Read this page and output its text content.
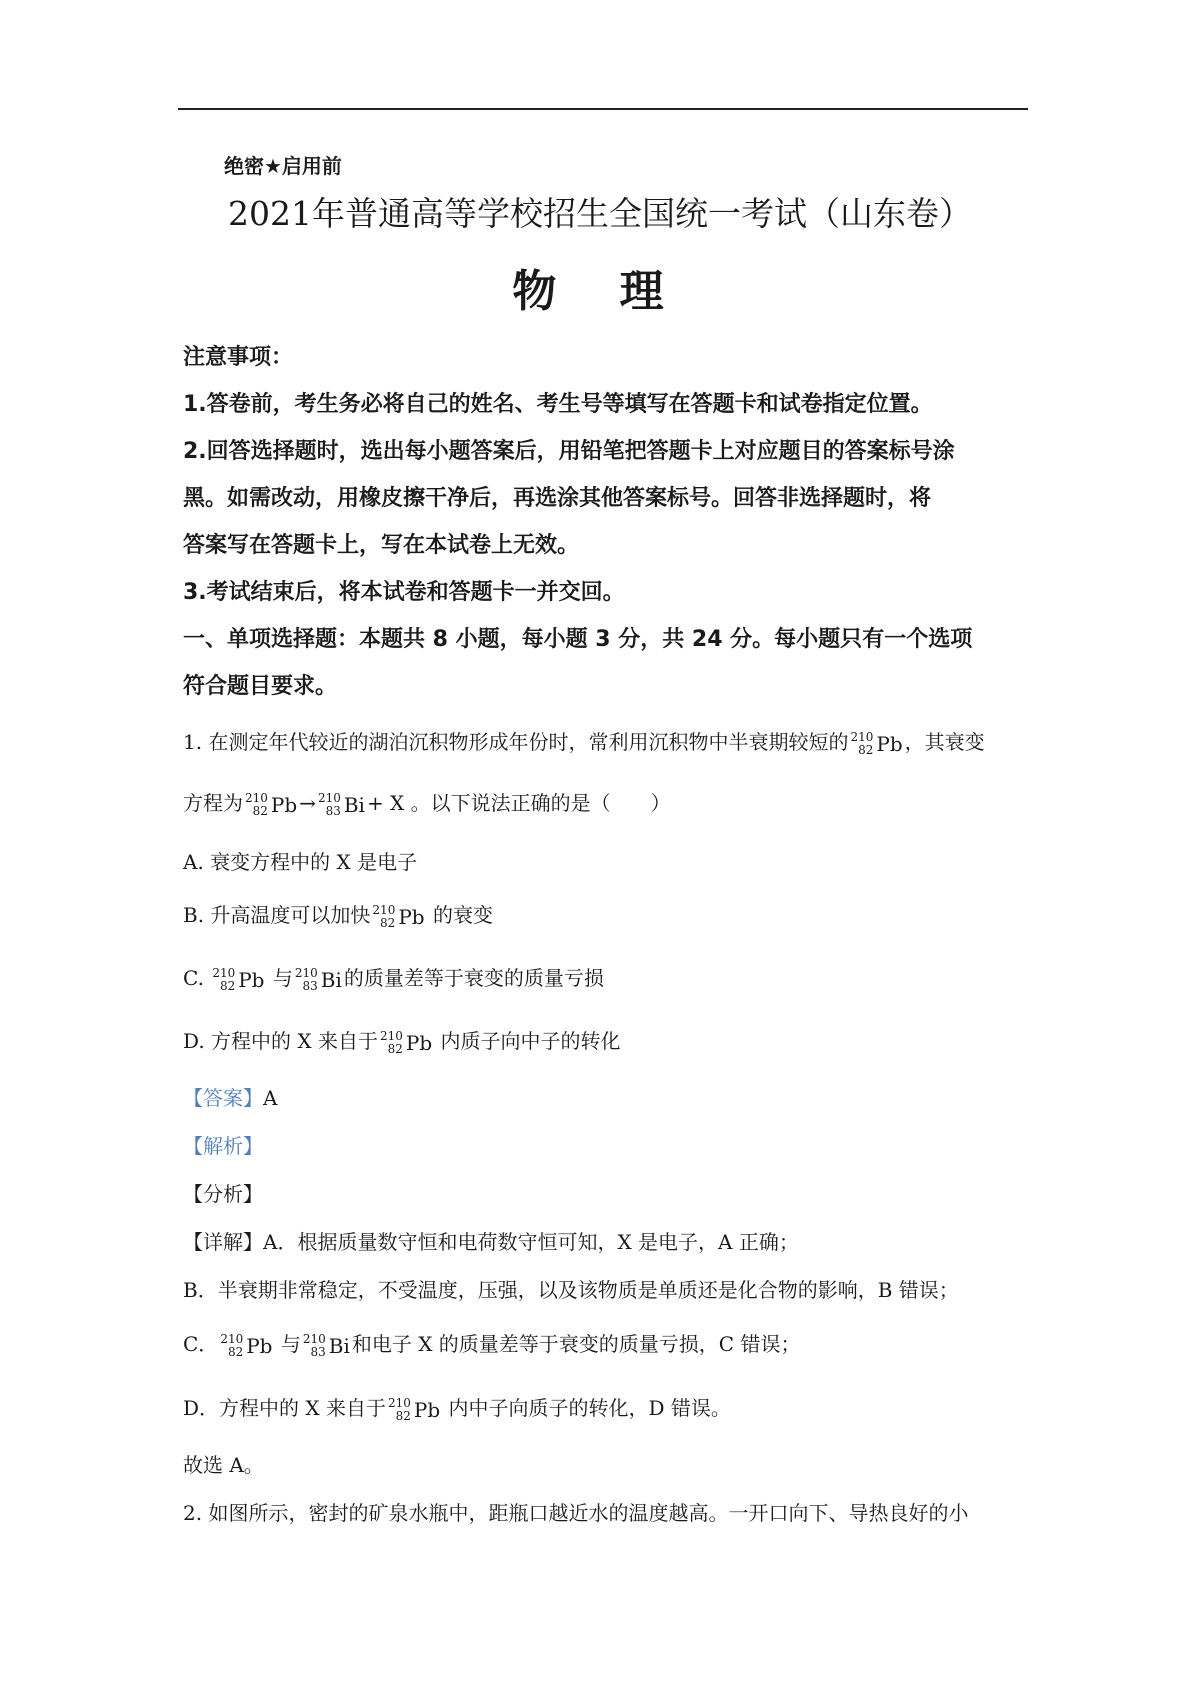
绝密★启用前
2021年普通高等学校招生全国统一考试（山东卷）
物 理
注意事项：
1.答卷前，考生务必将自己的姓名、考生号等填写在答题卡和试卷指定位置。
2.回答选择题时，选出每小题答案后，用铅笔把答题卡上对应题目的答案标号涂
黑。如需改动，用橡皮擦干净后，再选涂其他答案标号。回答非选择题时，将
答案写在答题卡上，写在本试卷上无效。
3.考试结束后，将本试卷和答题卡一并交回。
一、单项选择题：本题共 8 小题，每小题 3 分，共 24 分。每小题只有一个选项
符合题目要求。
1. 在测定年代较近的湖泊沉积物形成年份时，常利用沉积物中半衰期较短的 210
82 Pb ，其衰变
方程为 210
82 Pb → 210
83 Bi + X 。以下说法正确的是（　　）
A. 衰变方程中的 X 是电子
B. 升高温度可以加快 210
82 Pb 的衰变
C. 210
82 Pb 与 210
83 Bi 的质量差等于衰变的质量亏损
D. 方程中的 X 来自于 210
82 Pb 内质子向中子的转化
【答案】A
【解析】
【分析】
【详解】A．根据质量数守恒和电荷数守恒可知，X 是电子，A 正确；
B．半衰期非常稳定，不受温度，压强，以及该物质是单质还是化合物的影响，B 错误；
C． 210
82 Pb 与 210
83 Bi 和电子 X 的质量差等于衰变的质量亏损，C 错误；
D．方程中的 X 来自于 210
82 Pb 内中子向质子的转化，D 错误。
故选 A。
2. 如图所示，密封的矿泉水瓶中，距瓶口越近水的温度越高。一开口向下、导热良好的小
